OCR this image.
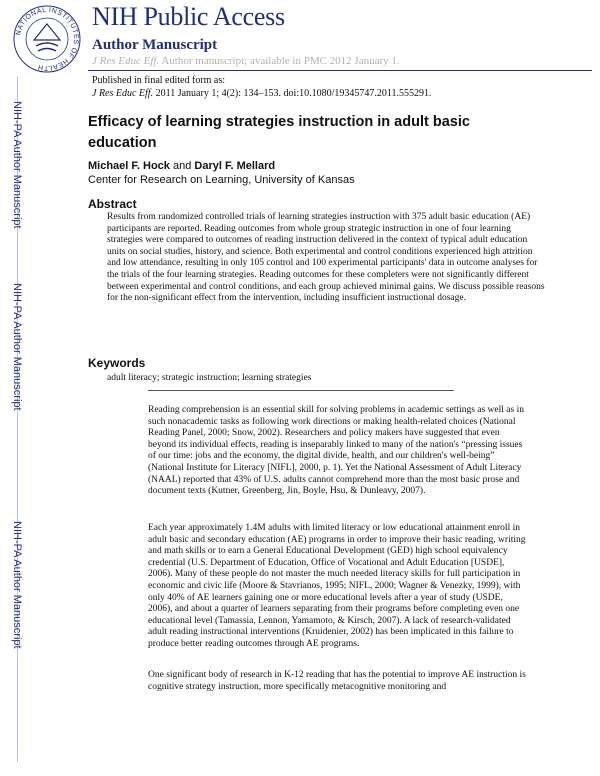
NATIONAL INSTITUTES OF HEALTH
NIH Public Access
Author Manuscript
J Res Educ Eff. Author manuscript; available in PMC 2012 January 1.
NIH-PA Author Manuscript
NIH-PA Author Manuscript
NIH-PA Author Manuscript
Published in final edited form as:
J Res Educ Eff. 2011 January 1; 4(2): 134–153. doi:10.1080/19345747.2011.555291.
Efficacy of learning strategies instruction in adult basic education
Michael F. Hock and Daryl F. Mellard
Center for Research on Learning, University of Kansas
Abstract
Results from randomized controlled trials of learning strategies instruction with 375 adult basic education (AE) participants are reported. Reading outcomes from whole group strategic instruction in one of four learning strategies were compared to outcomes of reading instruction delivered in the context of typical adult education units on social studies, history, and science. Both experimental and control conditions experienced high attrition and low attendance, resulting in only 105 control and 100 experimental participants' data in outcome analyses for the trials of the four learning strategies. Reading outcomes for these completers were not significantly different between experimental and control conditions, and each group achieved minimal gains. We discuss possible reasons for the non-significant effect from the intervention, including insufficient instructional dosage.
Keywords
adult literacy; strategic instruction; learning strategies
Reading comprehension is an essential skill for solving problems in academic settings as well as in such nonacademic tasks as following work directions or making health-related choices (National Reading Panel, 2000; Snow, 2002). Researchers and policy makers have suggested that even beyond its individual effects, reading is inseparably linked to many of the nation's “pressing issues of our time: jobs and the economy, the digital divide, health, and our children's well-being” (National Institute for Literacy [NIFL], 2000, p. 1). Yet the National Assessment of Adult Literacy (NAAL) reported that 43% of U.S. adults cannot comprehend more than the most basic prose and document texts (Kutner, Greenberg, Jin, Boyle, Hsu, & Dunleavy, 2007).
Each year approximately 1.4M adults with limited literacy or low educational attainment enroll in adult basic and secondary education (AE) programs in order to improve their basic reading, writing and math skills or to earn a General Educational Development (GED) high school equivalency credential (U.S. Department of Education, Office of Vocational and Adult Education [USDE], 2006). Many of these people do not master the much needed literacy skills for full participation in economic and civic life (Moore & Stavrianos, 1995; NIFL, 2000; Wagner & Venezky, 1999), with only 40% of AE learners gaining one or more educational levels after a year of study (USDE, 2006), and about a quarter of learners separating from their programs before completing even one educational level (Tamassia, Lennon, Yamamoto, & Kirsch, 2007). A lack of research-validated adult reading instructional interventions (Kruidenier, 2002) has been implicated in this failure to produce better reading outcomes through AE programs.
One significant body of research in K-12 reading that has the potential to improve AE instruction is cognitive strategy instruction, more specifically metacognitive monitoring and
